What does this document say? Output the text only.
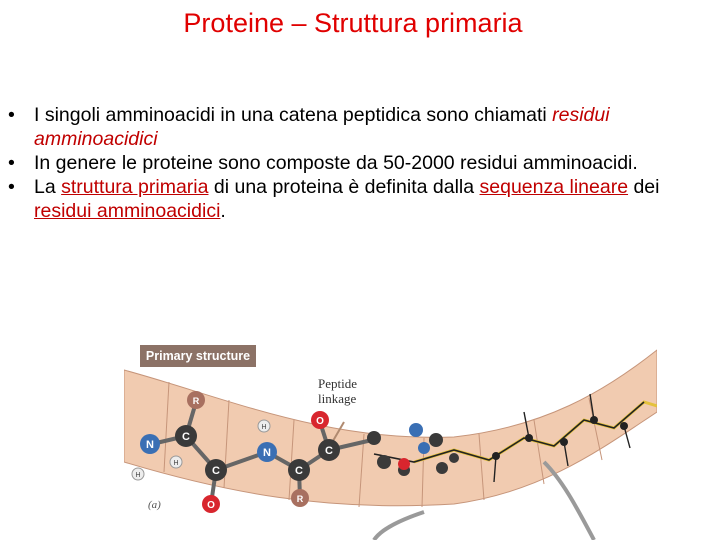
Proteine – Struttura primaria
• I singoli amminoacidi in una catena peptidica sono chiamati residui amminoacidici
• In genere le proteine sono composte da 50-2000 residui amminoacidi.
• La struttura primaria di una proteina è definita dalla sequenza lineare dei residui amminoacidici.
N
C
R
H
H	C
O
N
H
C
R
C
O
Primary structure
Peptide
linkage
(a)
